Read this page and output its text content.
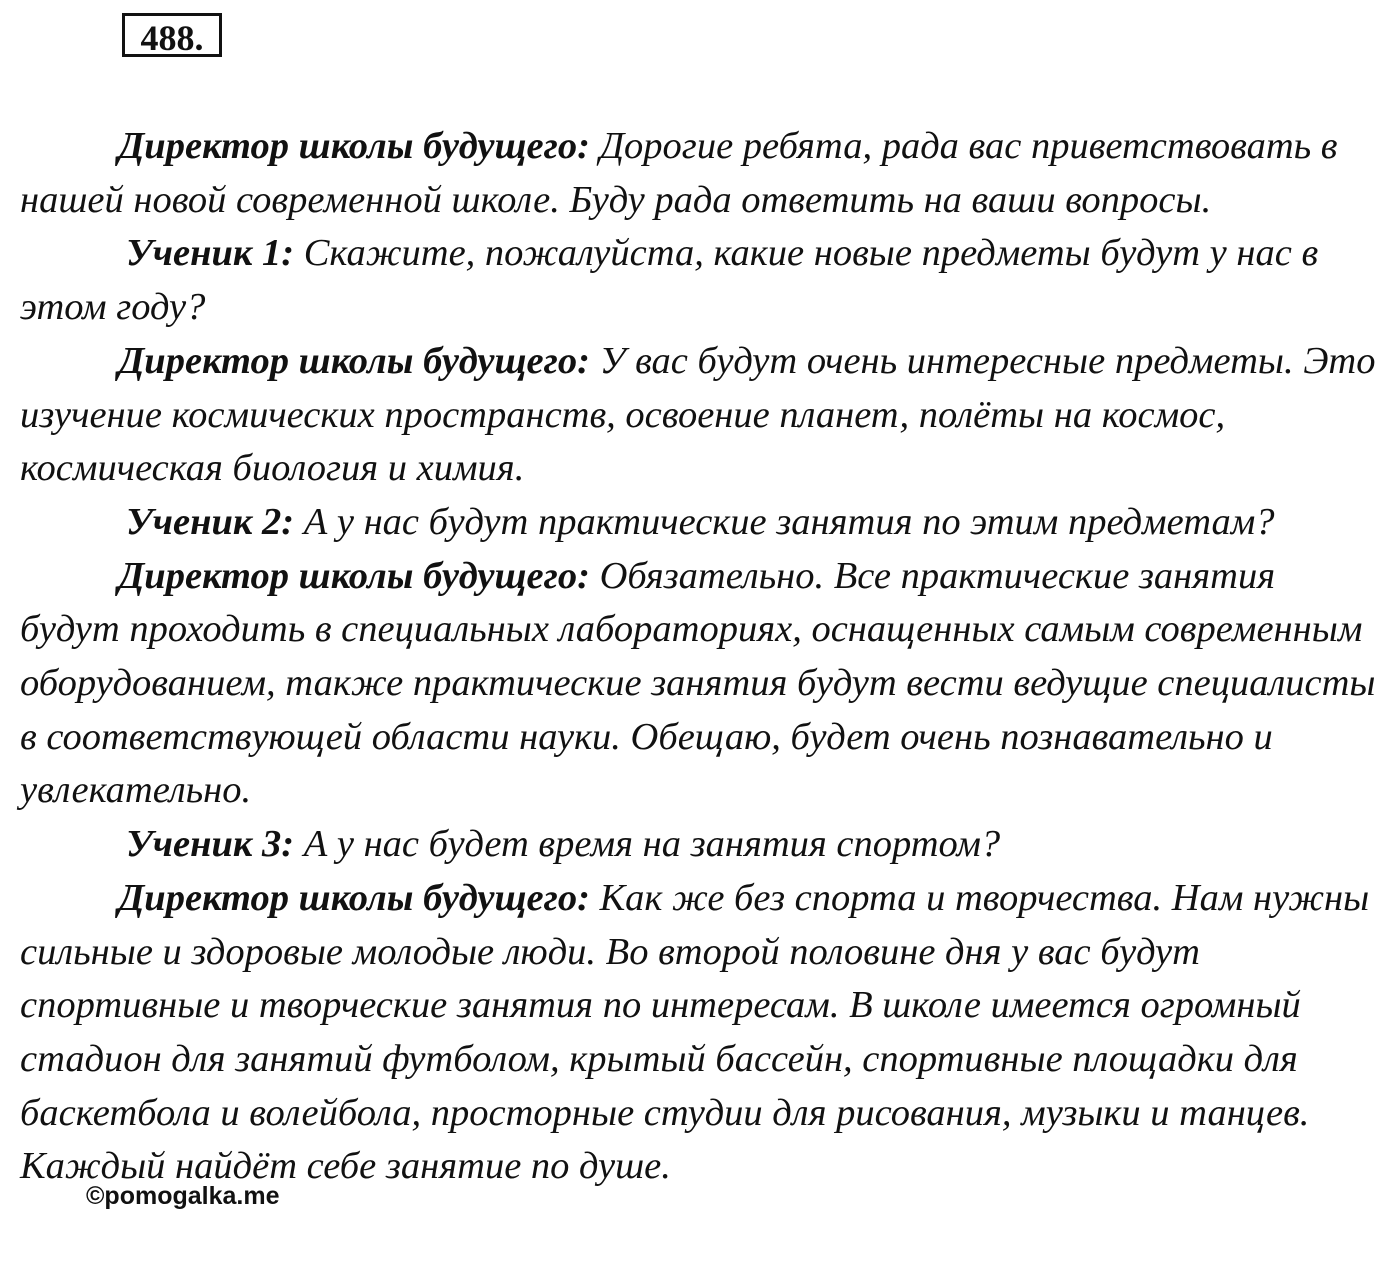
488.

Директор школы будущего: Дорогие ребята, рада вас приветствовать в нашей новой современной школе. Буду рада ответить на ваши вопросы.

Ученик 1: Скажите, пожалуйста, какие новые предметы будут у нас в этом году?

Директор школы будущего: У вас будут очень интересные предметы. Это изучение космических пространств, освоение планет, полёты на космос, космическая биология и химия.

Ученик 2: А у нас будут практические занятия по этим предметам?

Директор школы будущего: Обязательно. Все практические занятия будут проходить в специальных лабораториях, оснащенных самым современным оборудованием, также практические занятия будут вести ведущие специалисты в соответствующей области науки. Обещаю, будет очень познавательно и увлекательно.

Ученик 3: А у нас будет время на занятия спортом?

Директор школы будущего: Как же без спорта и творчества. Нам нужны сильные и здоровые молодые люди. Во второй половине дня у вас будут спортивные и творческие занятия по интересам. В школе имеется огромный стадион для занятий футболом, крытый бассейн, спортивные площадки для баскетбола и волейбола, просторные студии для рисования, музыки и танцев. Каждый найдёт себе занятие по душе.

©pomogalka.me
